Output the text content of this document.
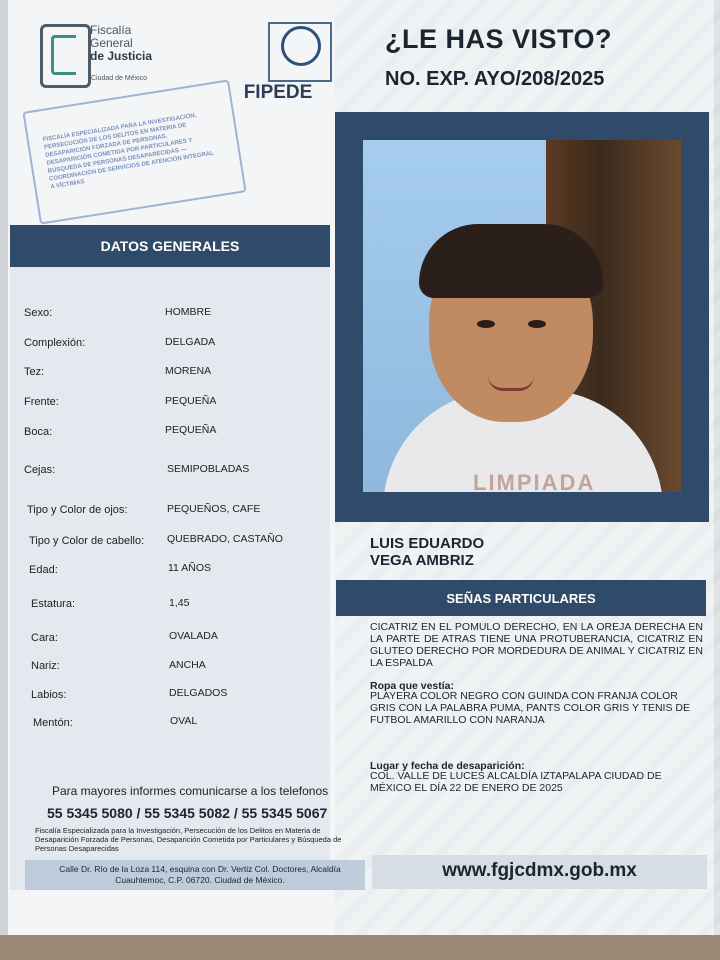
Fiscalía
General
de Justicia
Ciudad de México
FISCALÍA ESPECIALIZADA PARA LA INVESTIGACIÓN, PERSECUCIÓN DE LOS DELITOS EN MATERIA DE DESAPARICIÓN FORZADA DE PERSONAS, DESAPARICIÓN COMETIDA POR PARTICULARES Y BÚSQUEDA DE PERSONAS DESAPARECIDAS — COORDINACIÓN DE SERVICIOS DE ATENCIÓN INTEGRAL A VÍCTIMAS
FIPEDE
¿LE HAS VISTO?
NO. EXP. AYO/208/2025
DATOS GENERALES
Sexo:	HOMBRE
Complexión:	DELGADA
Tez:	MORENA
Frente:	PEQUEÑA
Boca:	PEQUEÑA
Cejas:	SEMIPOBLADAS
Tipo y Color de ojos:	PEQUEÑOS, CAFE
Tipo y Color de cabello: QUEBRADO, CASTAÑO
Edad:	11 AÑOS
Estatura:	1,45
Cara:	OVALADA
Nariz:	ANCHA
Labios:	DELGADOS
Mentón:	OVAL
Para mayores informes comunicarse a los telefonos
55 5345 5080 / 55 5345 5082 / 55 5345 5067
Fiscalía Especializada para la Investigación, Persecución de los Delitos en Materia de Desaparición Forzada de Personas, Desaparición Cometida por Particulares y Búsqueda de Personas Desaparecidas
Calle Dr. Río de la Loza 114, esquina con Dr. Vertiz Col. Doctores, Alcaldía Cuauhtemoc, C.P. 06720. Ciudad de México.
LIMPIADA
LUIS EDUARDO
VEGA AMBRIZ
SEÑAS PARTICULARES
CICATRIZ EN EL POMULO DERECHO, EN LA OREJA DERECHA EN LA PARTE DE ATRAS TIENE UNA PROTUBERANCIA, CICATRIZ EN GLUTEO DERECHO POR MORDEDURA DE ANIMAL Y CICATRIZ EN LA ESPALDA
Ropa que vestía:
PLAYERA COLOR NEGRO CON GUINDA CON FRANJA COLOR GRIS CON LA PALABRA PUMA, PANTS COLOR GRIS Y TENIS DE FUTBOL AMARILLO CON NARANJA
Lugar y fecha de desaparición:
COL. VALLE DE LUCES ALCALDÍA IZTAPALAPA CIUDAD DE MÉXICO EL DÍA 22 DE ENERO DE 2025
www.fgjcdmx.gob.mx
